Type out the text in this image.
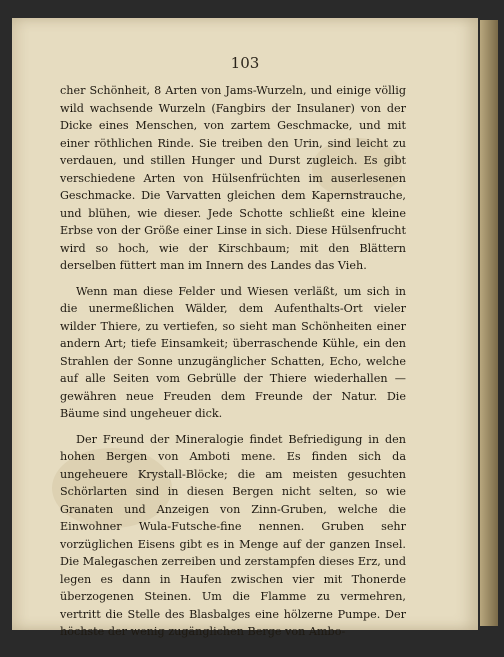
103

cher Schönheit, 8 Arten von Jams-Wurzeln, und einige völlig wild wachsende Wurzeln (Fangbirs der Insulaner) von der Dicke eines Menschen, von zartem Geschmacke, und mit einer röthlichen Rinde. Sie treiben den Urin, sind leicht zu verdauen, und stillen Hunger und Durst zugleich. Es gibt verschiedene Arten von Hülsenfrüchten im auserlesenen Geschmacke. Die Varvatten gleichen dem Kapernstrauche, und blühen, wie dieser. Jede Schotte schließt eine kleine Erbse von der Größe einer Linse in sich. Diese Hülsenfrucht wird so hoch, wie der Kirschbaum; mit den Blättern derselben füttert man im Innern des Landes das Vieh.

Wenn man diese Felder und Wiesen verläßt, um sich in die unermeßlichen Wälder, dem Aufenthalts-Ort vieler wilder Thiere, zu vertiefen, so sieht man Schönheiten einer andern Art; tiefe Einsamkeit; überraschende Kühle, ein den Strahlen der Sonne unzugänglicher Schatten, Echo, welche auf alle Seiten vom Gebrülle der Thiere wiederhallen — gewähren neue Freuden dem Freunde der Natur. Die Bäume sind ungeheuer dick.

Der Freund der Mineralogie findet Befriedigung in den hohen Bergen von Amboti mene. Es finden sich da ungeheuere Krystall-Blöcke; die am meisten gesuchten Schörlarten sind in diesen Bergen nicht selten, so wie Granaten und Anzeigen von Zinn-Gruben, welche die Einwohner Wula-Futsche-fine nennen. Gruben sehr vorzüglichen Eisens gibt es in Menge auf der ganzen Insel. Die Malegaschen zerreiben und zerstampfen dieses Erz, und legen es dann in Haufen zwischen vier mit Thonerde überzogenen Steinen. Um die Flamme zu vermehren, vertritt die Stelle des Blasbalges eine hölzerne Pumpe. Der höchste der wenig zugänglichen Berge von Ambo-
